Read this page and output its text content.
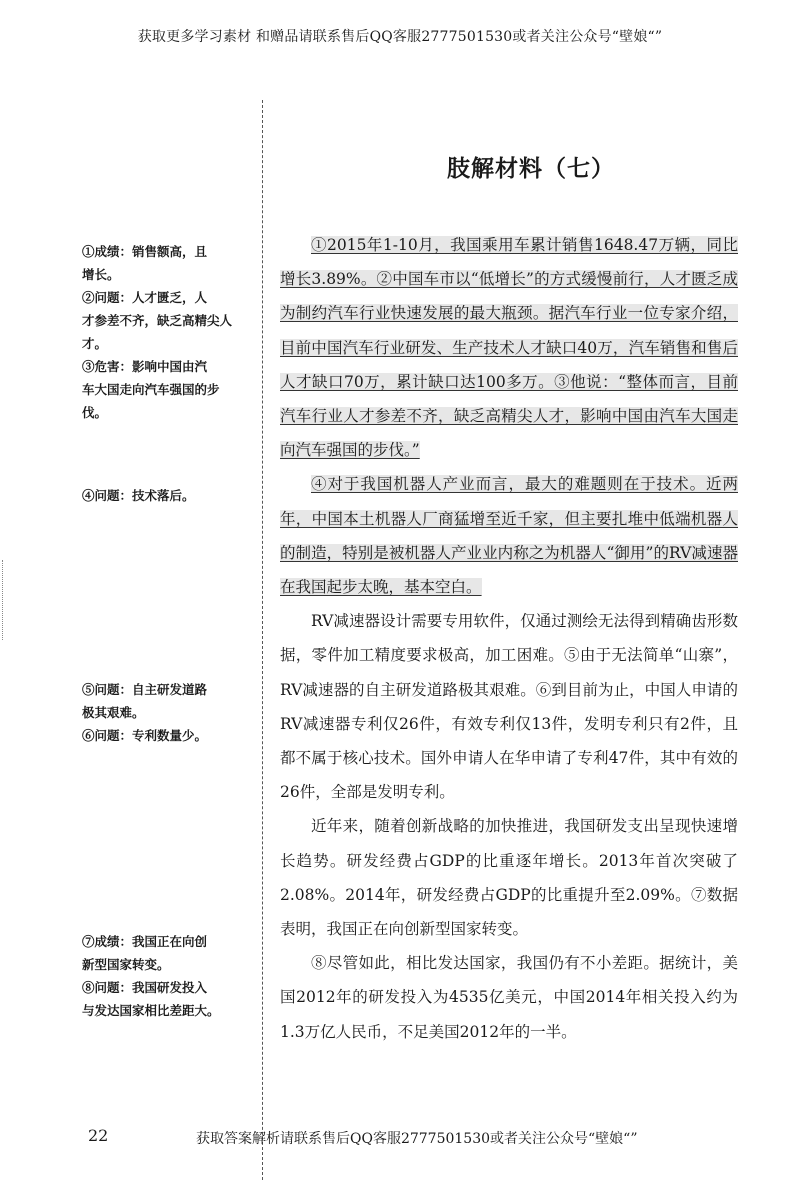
获取更多学习素材 和赠品请联系售后QQ客服2777501530或者关注公众号“壁娘“”
肢解材料（七）
①成绩：销售额高，且
增长。
②问题：人才匮乏，人
才参差不齐，缺乏高精尖人
才。
③危害：影响中国由汽
车大国走向汽车强国的步
伐。
④问题：技术落后。
⑤问题：自主研发道路
极其艰难。
⑥问题：专利数量少。
⑦成绩：我国正在向创
新型国家转变。
⑧问题：我国研发投入
与发达国家相比差距大。

①2015年1-10月，我国乘用车累计销售1648.47万辆，同比增长3.89%。②中国车市以“低增长”的方式缓慢前行，人才匮乏成为制约汽车行业快速发展的最大瓶颈。据汽车行业一位专家介绍，目前中国汽车行业研发、生产技术人才缺口40万，汽车销售和售后人才缺口70万，累计缺口达100多万。③他说：“整体而言，目前汽车行业人才参差不齐，缺乏高精尖人才，影响中国由汽车大国走向汽车强国的步伐。”

④对于我国机器人产业而言，最大的难题则在于技术。近两年，中国本土机器人厂商猛增至近千家，但主要扎堆中低端机器人的制造，特别是被机器人产业业内称之为机器人“御用”的RV减速器在我国起步太晚，基本空白。

RV减速器设计需要专用软件，仅通过测绘无法得到精确齿形数据，零件加工精度要求极高，加工困难。⑤由于无法简单“山寨”，RV减速器的自主研发道路极其艰难。⑥到目前为止，中国人申请的RV减速器专利仅26件，有效专利仅13件，发明专利只有2件，且都不属于核心技术。国外申请人在华申请了专利47件，其中有效的26件，全部是发明专利。

近年来，随着创新战略的加快推进，我国研发支出呈现快速增长趋势。研发经费占GDP的比重逐年增长。2013年首次突破了2.08%。2014年，研发经费占GDP的比重提升至2.09%。⑦数据表明，我国正在向创新型国家转变。

⑧尽管如此，相比发达国家，我国仍有不小差距。据统计，美国2012年的研发投入为4535亿美元，中国2014年相关投入约为1.3万亿人民币，不足美国2012年的一半。

22	获取答案解析请联系售后QQ客服2777501530或者关注公众号“壁娘“”
